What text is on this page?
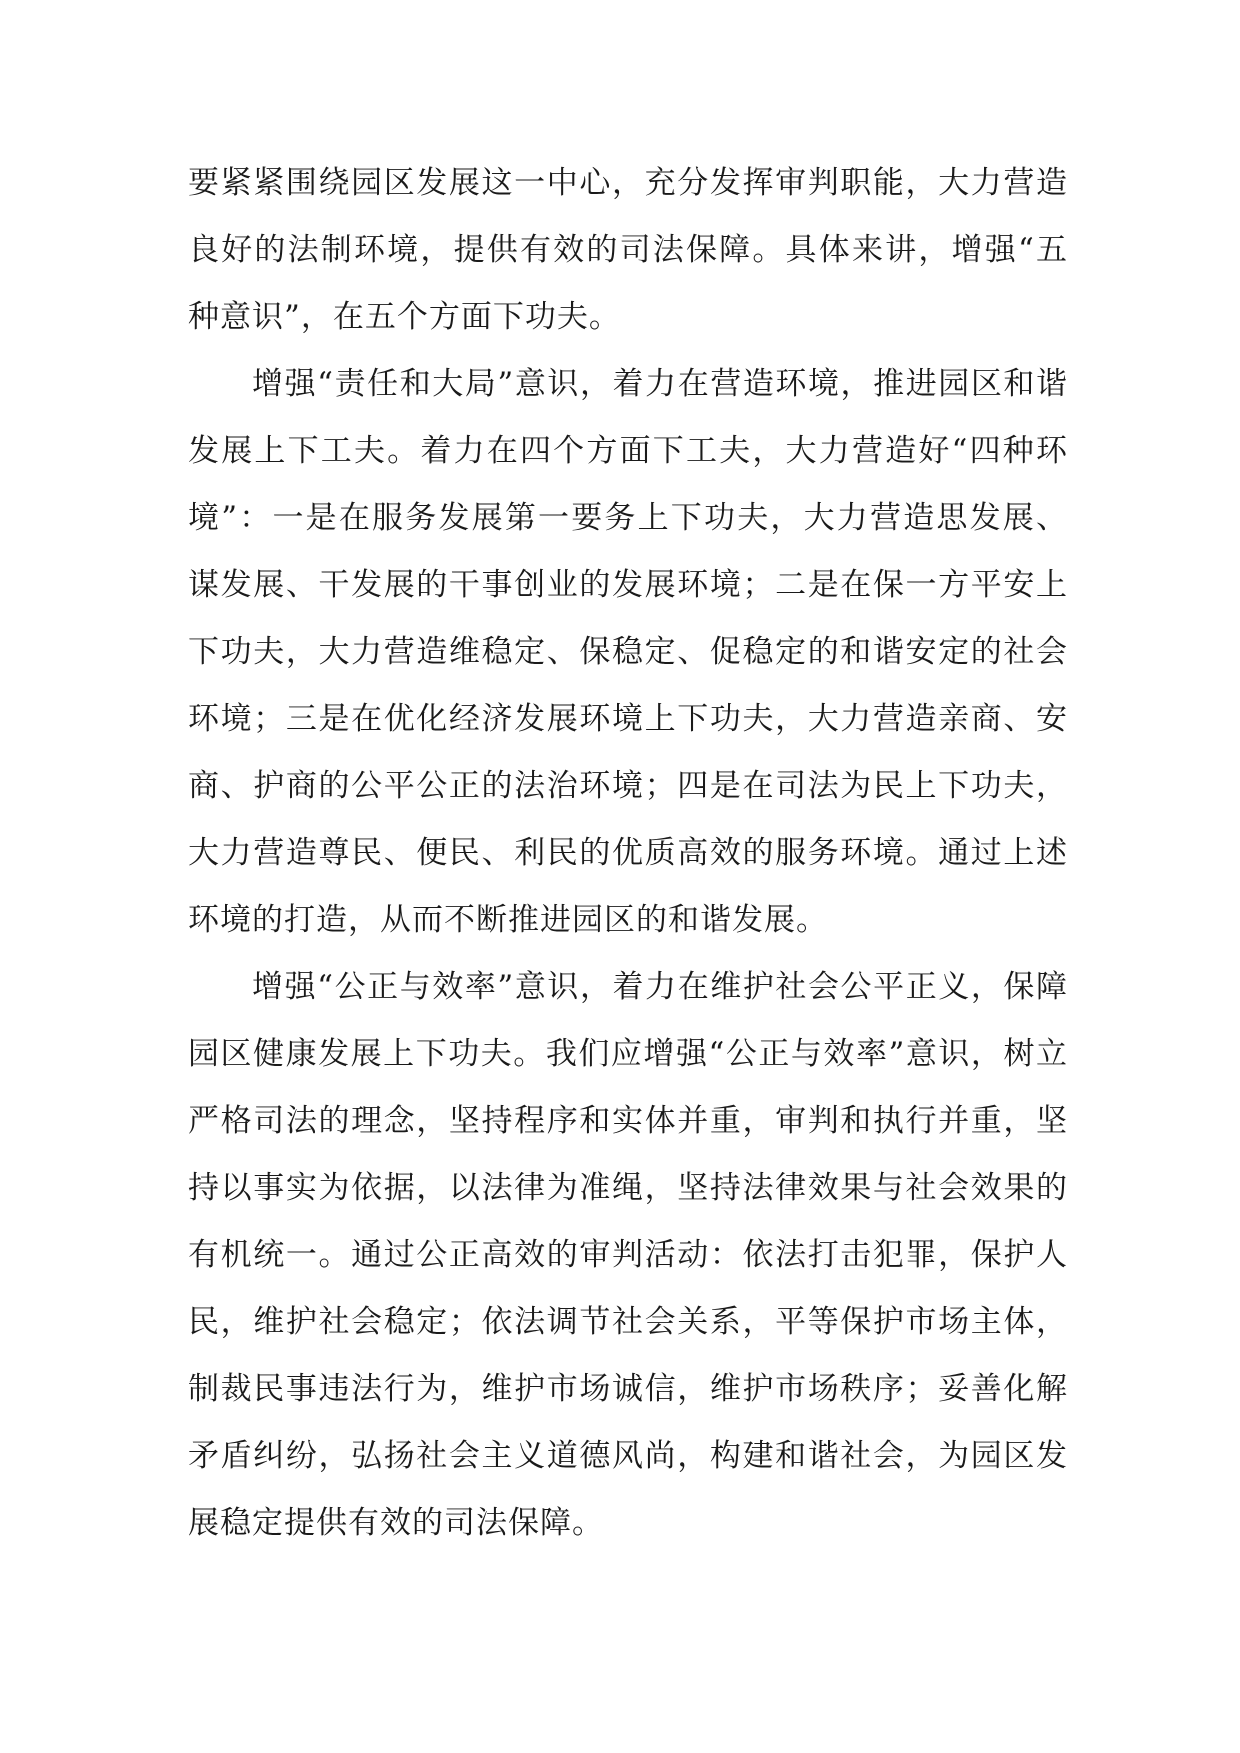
要紧紧围绕园区发展这一中心，充分发挥审判职能，大力营造良好的法制环境，提供有效的司法保障。具体来讲，增强“五种意识”，在五个方面下功夫。

增强“责任和大局”意识，着力在营造环境，推进园区和谐发展上下工夫。着力在四个方面下工夫，大力营造好“四种环境”：一是在服务发展第一要务上下功夫，大力营造思发展、谋发展、干发展的干事创业的发展环境；二是在保一方平安上下功夫，大力营造维稳定、保稳定、促稳定的和谐安定的社会环境；三是在优化经济发展环境上下功夫，大力营造亲商、安商、护商的公平公正的法治环境；四是在司法为民上下功夫，大力营造尊民、便民、利民的优质高效的服务环境。通过上述环境的打造，从而不断推进园区的和谐发展。

增强“公正与效率”意识，着力在维护社会公平正义，保障园区健康发展上下功夫。我们应增强“公正与效率”意识，树立严格司法的理念，坚持程序和实体并重，审判和执行并重，坚持以事实为依据，以法律为准绳，坚持法律效果与社会效果的有机统一。通过公正高效的审判活动：依法打击犯罪，保护人民，维护社会稳定；依法调节社会关系，平等保护市场主体，制裁民事违法行为，维护市场诚信，维护市场秩序；妥善化解矛盾纠纷，弘扬社会主义道德风尚，构建和谐社会，为园区发展稳定提供有效的司法保障。
